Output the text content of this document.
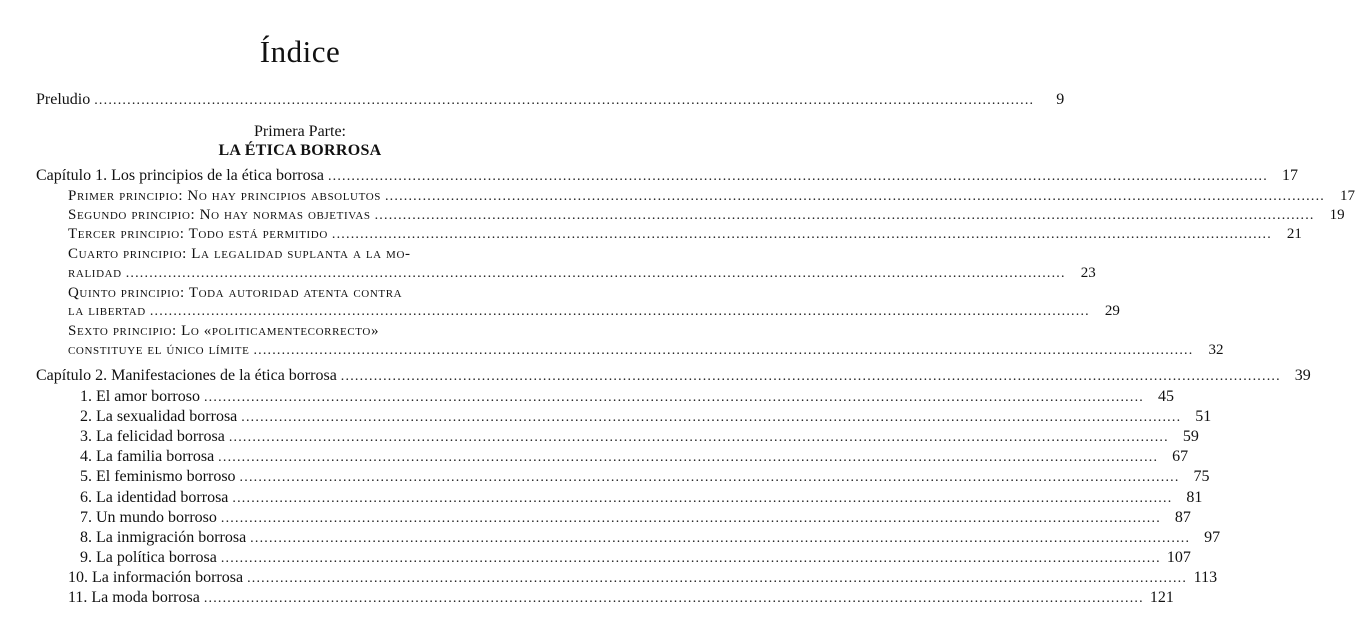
Índice
Preludio ........................................................................................................................................................................................................	9
Primera Parte:
LA ÉTICA BORROSA
Capítulo 1. Los principios de la ética borrosa ........................................................................................................................................................................................................ 17
Primer principio: No hay principios absolutos ........................................................................................................................................................................................................	17
Segundo principio: No hay normas objetivas ........................................................................................................................................................................................................	19
Tercer principio: Todo está permitido ........................................................................................................................................................................................................	21
Cuarto principio: La legalidad suplanta a la mo-
ralidad ........................................................................................................................................................................................................	23
Quinto principio: Toda autoridad atenta contra
la libertad ........................................................................................................................................................................................................	29
Sexto principio: Lo «politicamentecorrecto»
constituye el único límite ........................................................................................................................................................................................................	32
Capítulo 2. Manifestaciones de la ética borrosa ........................................................................................................................................................................................................ 39
1. El amor borroso ........................................................................................................................................................................................................ 45
2. La sexualidad borrosa ........................................................................................................................................................................................................ 51
3. La felicidad borrosa ........................................................................................................................................................................................................ 59
4. La familia borrosa ........................................................................................................................................................................................................ 67
5. El feminismo borroso ........................................................................................................................................................................................................ 75
6. La identidad borrosa ........................................................................................................................................................................................................ 81
7. Un mundo borroso ........................................................................................................................................................................................................ 87
8. La inmigración borrosa ........................................................................................................................................................................................................ 97
9. La política borrosa ........................................................................................................................................................................................................ 107
10. La información borrosa ........................................................................................................................................................................................................ 113
11. La moda borrosa ........................................................................................................................................................................................................ 121
